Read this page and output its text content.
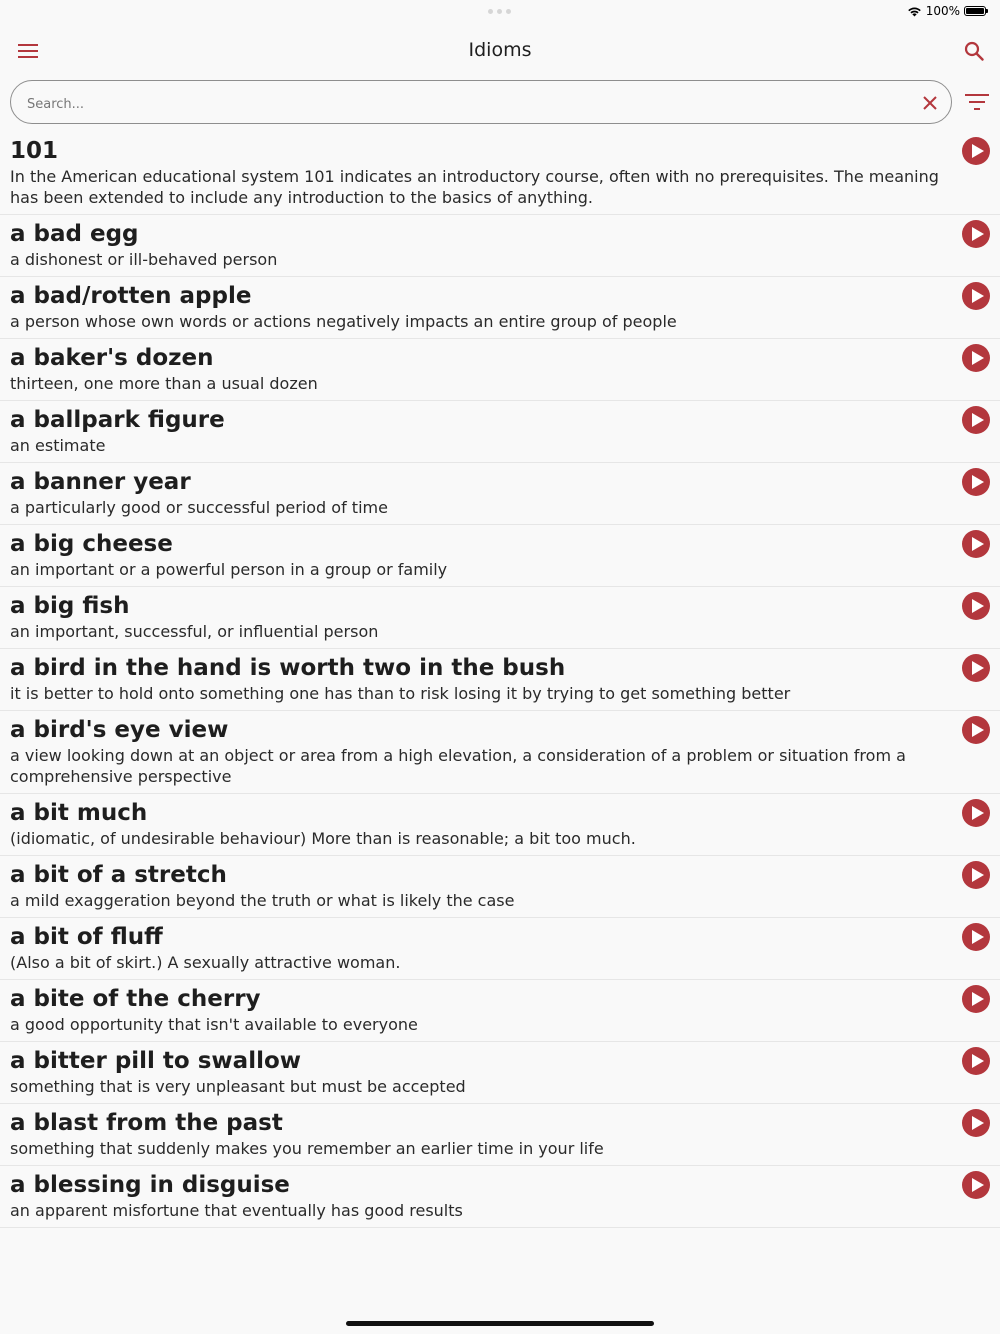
100%
Idioms
Search...

101

In the American educational system 101 indicates an introductory course, often with no prerequisites. The meaning has been extended to include any introduction to the basics of anything.

a bad egg

a dishonest or ill-behaved person

a bad/rotten apple

a person whose own words or actions negatively impacts an entire group of people

a baker's dozen

thirteen, one more than a usual dozen

a ballpark figure

an estimate

a banner year

a particularly good or successful period of time

a big cheese

an important or a powerful person in a group or family

a big fish

an important, successful, or influential person

a bird in the hand is worth two in the bush

it is better to hold onto something one has than to risk losing it by trying to get something better

a bird's eye view

a view looking down at an object or area from a high elevation, a consideration of a problem or situation from a comprehensive perspective

a bit much

(idiomatic, of undesirable behaviour) More than is reasonable; a bit too much.

a bit of a stretch

a mild exaggeration beyond the truth or what is likely the case

a bit of fluff

(Also a bit of skirt.) A sexually attractive woman.

a bite of the cherry

a good opportunity that isn't available to everyone

a bitter pill to swallow

something that is very unpleasant but must be accepted

a blast from the past

something that suddenly makes you remember an earlier time in your life

a blessing in disguise

an apparent misfortune that eventually has good results
